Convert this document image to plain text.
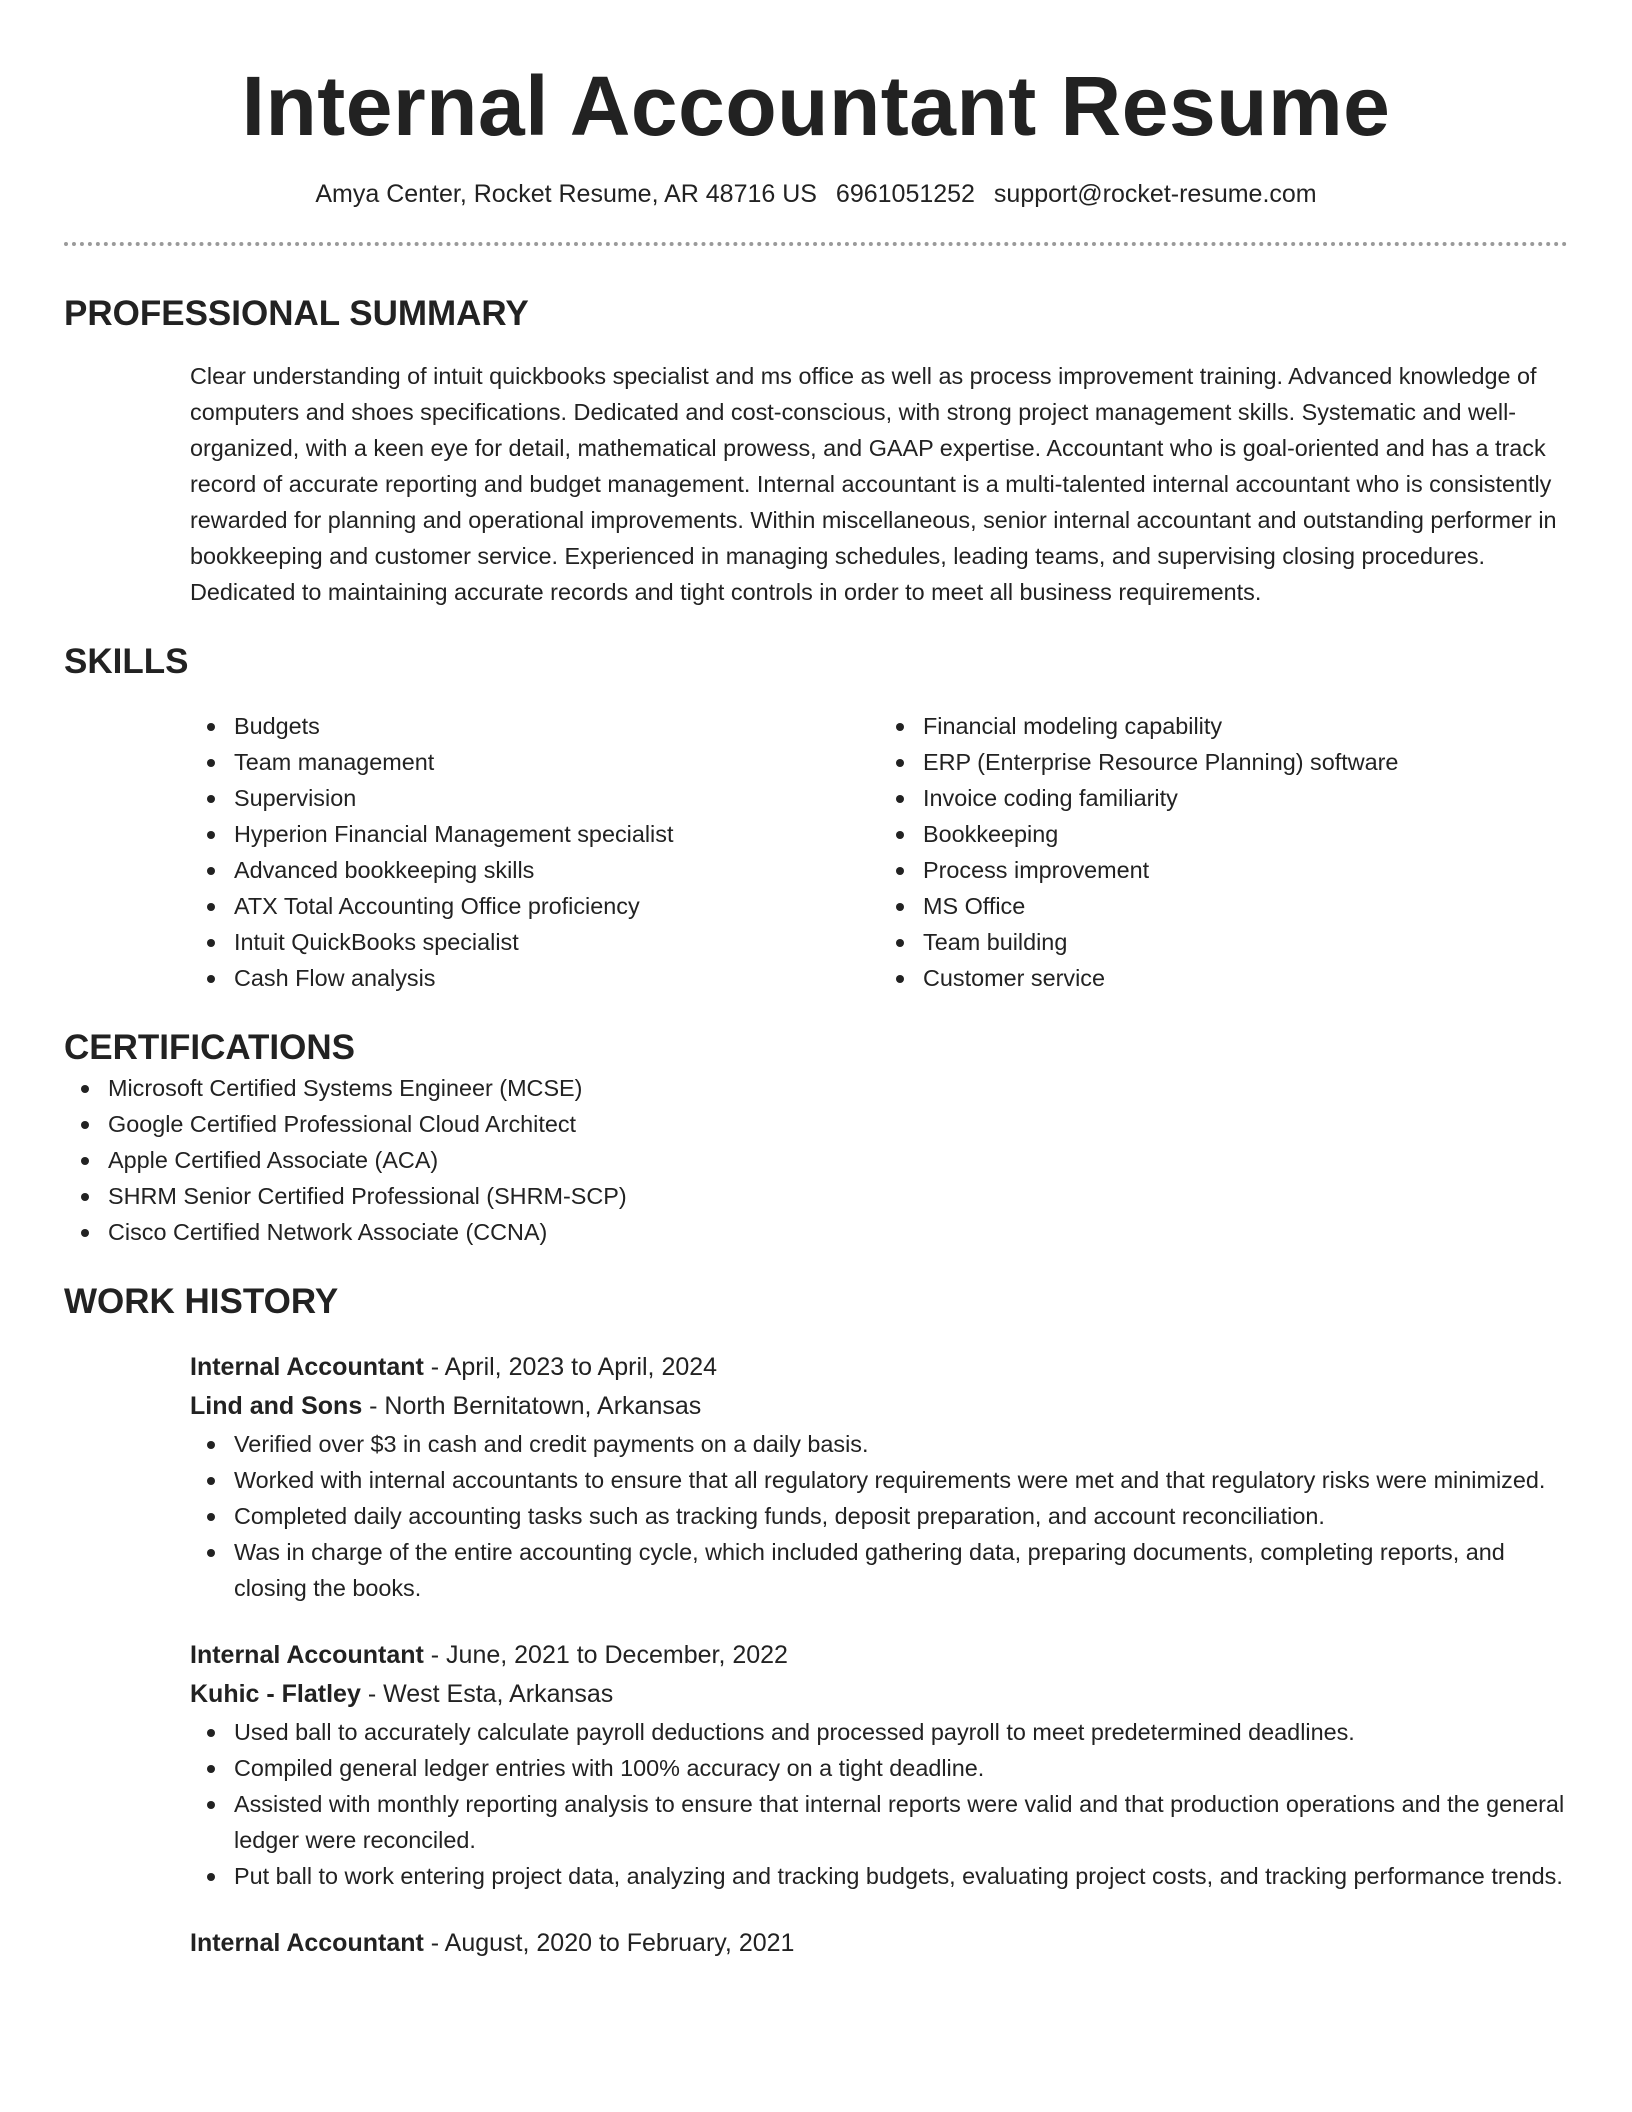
Internal Accountant Resume
Amya Center, Rocket Resume, AR 48716 US 6961051252 support@rocket-resume.com
PROFESSIONAL SUMMARY

Clear understanding of intuit quickbooks specialist and ms office as well as process improvement training. Advanced knowledge of computers and shoes specifications. Dedicated and cost-conscious, with strong project management skills. Systematic and well-organized, with a keen eye for detail, mathematical prowess, and GAAP expertise. Accountant who is goal-oriented and has a track record of accurate reporting and budget management. Internal accountant is a multi-talented internal accountant who is consistently rewarded for planning and operational improvements. Within miscellaneous, senior internal accountant and outstanding performer in bookkeeping and customer service. Experienced in managing schedules, leading teams, and supervising closing procedures. Dedicated to maintaining accurate records and tight controls in order to meet all business requirements.

SKILLS
Budgets
Team management
Supervision
Hyperion Financial Management specialist
Advanced bookkeeping skills
ATX Total Accounting Office proficiency
Intuit QuickBooks specialist
Cash Flow analysis
Financial modeling capability
ERP (Enterprise Resource Planning) software
Invoice coding familiarity
Bookkeeping
Process improvement
MS Office
Team building
Customer service
CERTIFICATIONS
Microsoft Certified Systems Engineer (MCSE)
Google Certified Professional Cloud Architect
Apple Certified Associate (ACA)
SHRM Senior Certified Professional (SHRM-SCP)
Cisco Certified Network Associate (CCNA)
WORK HISTORY
Internal Accountant - April, 2023 to April, 2024
Lind and Sons - North Bernitatown, Arkansas
Verified over $3 in cash and credit payments on a daily basis.
Worked with internal accountants to ensure that all regulatory requirements were met and that regulatory risks were minimized.
Completed daily accounting tasks such as tracking funds, deposit preparation, and account reconciliation.
Was in charge of the entire accounting cycle, which included gathering data, preparing documents, completing reports, and closing the books.
Internal Accountant - June, 2021 to December, 2022
Kuhic - Flatley - West Esta, Arkansas
Used ball to accurately calculate payroll deductions and processed payroll to meet predetermined deadlines.
Compiled general ledger entries with 100% accuracy on a tight deadline.
Assisted with monthly reporting analysis to ensure that internal reports were valid and that production operations and the general ledger were reconciled.
Put ball to work entering project data, analyzing and tracking budgets, evaluating project costs, and tracking performance trends.
Internal Accountant - August, 2020 to February, 2021
